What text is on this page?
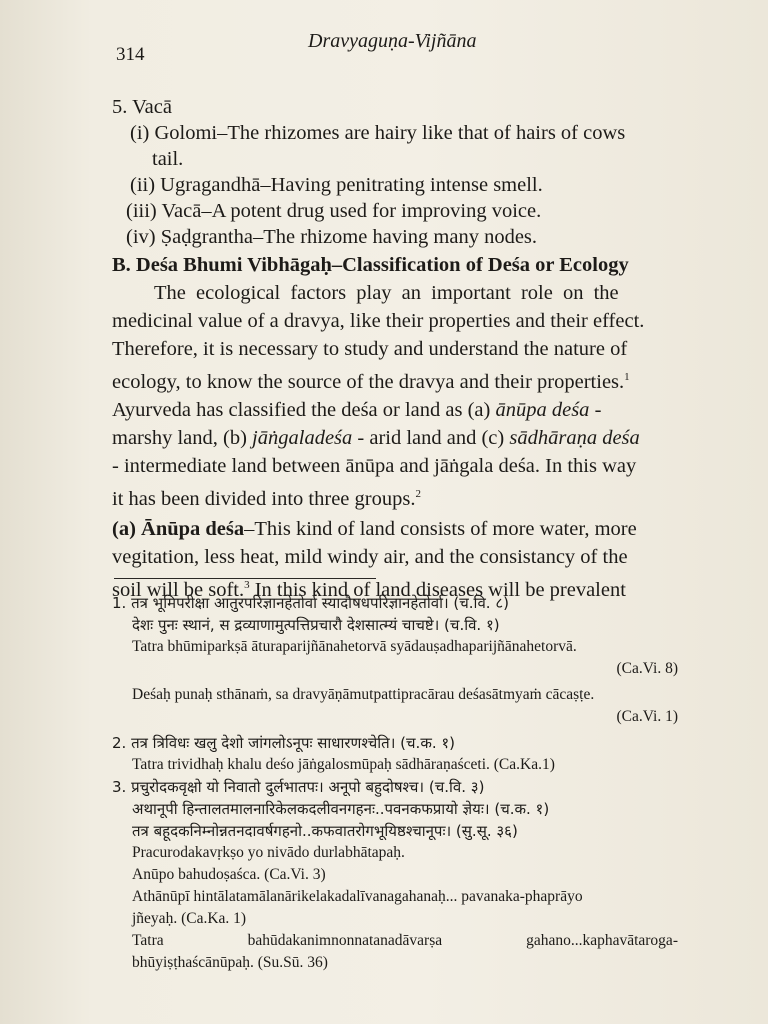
314
Dravyaguṇa-Vijñāna
5. Vacā
(i) Golomi–The rhizomes are hairy like that of hairs of cows
tail.
(ii) Ugragandhā–Having penitrating intense smell.
(iii) Vacā–A potent drug used for improving voice.
(iv) Ṣaḍgrantha–The rhizome having many nodes.
B. Deśa Bhumi Vibhāgaḥ–Classification of Deśa or Ecology
The ecological factors play an important role on the
medicinal value of a dravya, like their properties and their effect.
Therefore, it is necessary to study and understand the nature of
ecology, to know the source of the dravya and their properties.$^1$
Ayurveda has classified the deśa or land as (a) ānūpa deśa -
marshy land, (b) jāṅgaladeśa - arid land and (c) sādhāraṇa deśa
- intermediate land between ānūpa and jāṅgala deśa. In this way
it has been divided into three groups.$^2$
(a) Ānūpa deśa–This kind of land consists of more water, more
vegitation, less heat, mild windy air, and the consistancy of the
soil will be soft.$^3$ In this kind of land diseases will be prevalent
1. तत्र भूमिपरीक्षा आतुरपरिज्ञानहेतोर्वा स्यादौषधपरिज्ञानहेतोर्वा। (च.वि. ८)
देशः पुनः स्थानं, स द्रव्याणामुत्पत्तिप्रचारौ देशसात्म्यं चाचष्टे। (च.वि. १)
Tatra bhūmiparkṣā āturaparijñānahetorvā syādauṣadhaparijñānahetorvā.
(Ca.Vi. 8)
Deśaḥ punaḥ sthānaṁ, sa dravyāṇāmutpattipracārau deśasātmyaṁ cācaṣṭe.
(Ca.Vi. 1)
2. तत्र त्रिविधः खलु देशो जांगलोऽनूपः साधारणश्चेति। (च.क. १)
Tatra trividhaḥ khalu deśo jāṅgalosmūpaḥ sādhāraṇaśceti. (Ca.Ka.1)
3. प्रचुरोदकवृक्षो यो निवातो दुर्लभातपः। अनूपो बहुदोषश्च। (च.वि. ३)
अथानूपी हिन्तालतमालनारिकेलकदलीवनगहनः..पवनकफप्रायो ज्ञेयः। (च.क. १)
तत्र बहूदकनिम्नोन्नतनदावर्षगहनो..कफवातरोगभूयिष्ठश्चानूपः। (सु.सू. ३६)
Pracurodakavṛkṣo yo nivādo durlabhātapaḥ.
Anūpo bahudoṣaśca. (Ca.Vi. 3)
Athānūpī hintālatamālanārikelakadalīvanagahanaḥ... pavanaka-phaprāyo
jñeyaḥ. (Ca.Ka. 1)
Tatra	bahūdakanimnonnatanadāvarṣa	gahano...kaphavātaroga-
bhūyiṣṭhaścānūpaḥ. (Su.Sū. 36)
